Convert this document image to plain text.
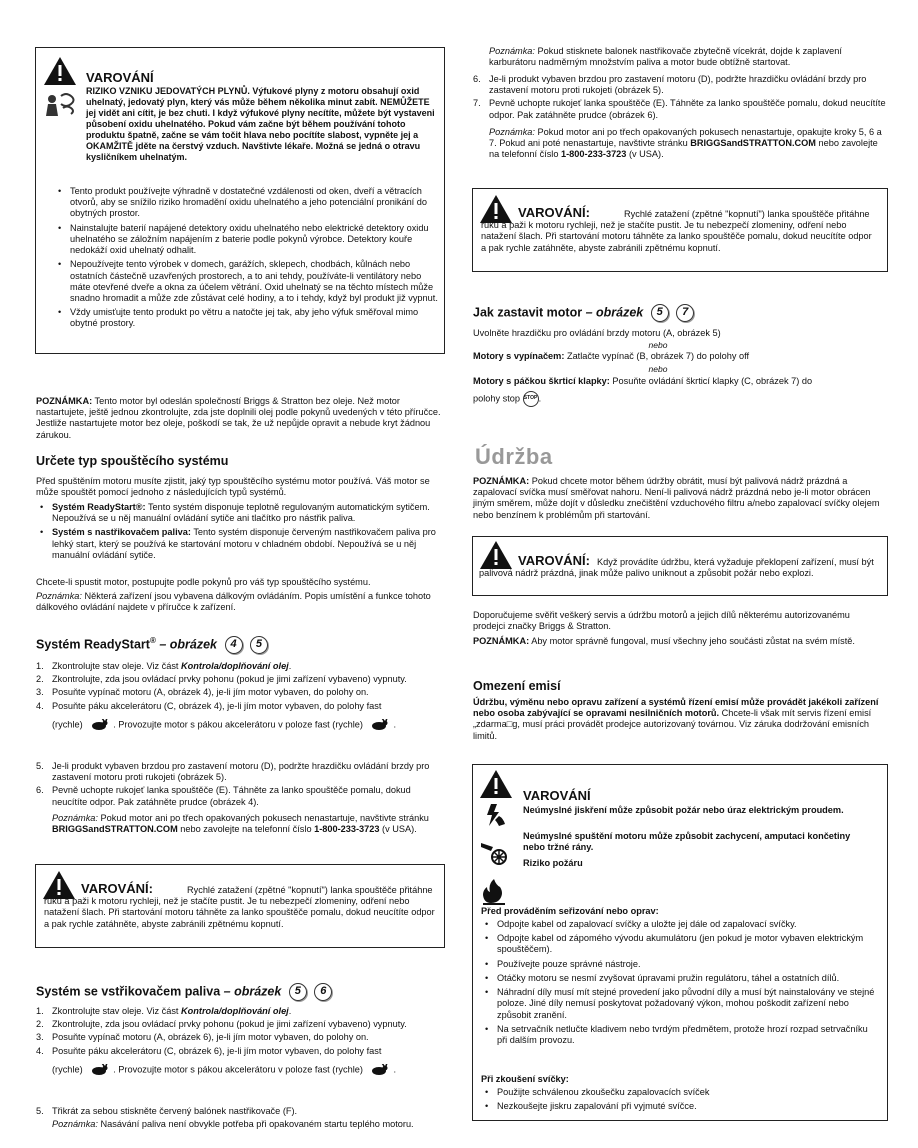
VAROVÁNÍ
RIZIKO VZNIKU JEDOVATÝCH PLYNŮ. Výfukové plyny z motoru obsahují oxid uhelnatý, jedovatý plyn, který vás může během několika minut zabít. NEMŮŽETE jej vidět ani cítit, je bez chuti. I když výfukové plyny necítíte, můžete být vystaveni působení oxidu uhelnatého. Pokud vám začne být během používání tohoto produktu špatně, začne se vám točit hlava nebo pocítíte slabost, vypněte jej a OKAMŽITĚ jděte na čerstvý vzduch. Navštivte lékaře. Možná se jedná o otravu kysličníkem uhelnatým.
• Tento produkt používejte výhradně v dostatečné vzdálenosti od oken, dveří a větracích otvorů, aby se snížilo riziko hromadění oxidu uhelnatého a jeho potenciální pronikání do obytných prostor.
• Nainstalujte baterií napájené detektory oxidu uhelnatého nebo elektrické detektory oxidu uhelnatého se záložním napájením z baterie podle pokynů výrobce. Detektory kouře nedokáží oxid uhelnatý odhalit.
• Nepoužívejte tento výrobek v domech, garážích, sklepech, chodbách, kůlnách nebo ostatních částečně uzavřených prostorech, a to ani tehdy, používáte-li ventilátory nebo máte otevřené dveře a okna za účelem větrání. Oxid uhelnatý se na těchto místech může snadno hromadit a může zde zůstávat celé hodiny, a to i tehdy, když byl produkt již vypnut.
• Vždy umisťujte tento produkt po větru a natočte jej tak, aby jeho výfuk směřoval mimo obytné prostory.
POZNÁMKA: Tento motor byl odeslán společností Briggs & Stratton bez oleje. Než motor nastartujete, ještě jednou zkontrolujte, zda jste doplnili olej podle pokynů uvedených v této příručce. Jestliže nastartujete motor bez oleje, poškodí se tak, že už nepůjde opravit a nebude kryt žádnou zárukou.
Určete typ spouštěcího systému
Před spuštěním motoru musíte zjistit, jaký typ spouštěcího systému motor používá. Váš motor se může spouštět pomocí jednoho z následujících typů systémů.
• Systém ReadyStart®: Tento systém disponuje teplotně regulovaným automatickým sytičem. Nepoužívá se u něj manuální ovládání sytiče ani tlačítko pro nástřik paliva.
• Systém s nastřikovačem paliva: Tento systém disponuje červeným nastřikovačem paliva pro lehký start, který se používá ke startování motoru v chladném období. Nepoužívá se u něj manuální ovládání sytiče.
Chcete-li spustit motor, postupujte podle pokynů pro váš typ spouštěcího systému.
Poznámka: Některá zařízení jsou vybavena dálkovým ovládáním. Popis umístění a funkce tohoto dálkového ovládání najdete v příručce k zařízení.
Systém ReadyStart® – obrázek 4 5
1. Zkontrolujte stav oleje. Viz část Kontrola/doplňování olej.
2. Zkontrolujte, zda jsou ovládací prvky pohonu (pokud je jimi zařízení vybaveno) vypnuty.
3. Posuňte vypínač motoru (A, obrázek 4), je-li jím motor vybaven, do polohy on.
4. Posuňte páku akcelerátoru (C, obrázek 4), je-li jím motor vybaven, do polohy fast
(rychle)	. Provozujte motor s pákou akcelerátoru v poloze fast (rychle)	.
5. Je-li produkt vybaven brzdou pro zastavení motoru (D), podržte hrazdičku ovládání brzdy pro zastavení motoru proti rukojeti (obrázek 5).
6. Pevně uchopte rukojeť lanka spouštěče (E). Táhněte za lanko spouštěče pomalu, dokud neucítíte odpor. Pak zatáhněte prudce (obrázek 4).
Poznámka: Pokud motor ani po třech opakovaných pokusech nenastartuje, navštivte stránku BRIGGSandSTRATTON.COM nebo zavolejte na telefonní číslo 1-800-233-3723 (v USA).
VAROVÁNÍ:	Rychlé zatažení (zpětné "kopnutí") lanka spouštěče přitáhne ruku a paži k motoru rychleji, než je stačíte pustit. Je tu nebezpečí zlomeniny, odření nebo natažení šlach. Při startování motoru táhněte za lanko spouštěče pomalu, dokud neucítíte odpor a pak rychle zatáhněte, abyste zabránili zpětnému kopnutí.
Systém se vstřikovačem paliva – obrázek 5 6
1. Zkontrolujte stav oleje. Viz část Kontrola/doplňování olej.
2. Zkontrolujte, zda jsou ovládací prvky pohonu (pokud je jimi zařízení vybaveno) vypnuty.
3. Posuňte vypínač motoru (A, obrázek 6), je-li jím motor vybaven, do polohy on.
4. Posuňte páku akcelerátoru (C, obrázek 6), je-li jím motor vybaven, do polohy fast
(rychle)	. Provozujte motor s pákou akcelerátoru v poloze fast (rychle)	.
5. Třikrát za sebou stiskněte červený balónek nastřikovače (F).
Poznámka: Nasávání paliva není obvykle potřeba při opakovaném startu teplého motoru.
Poznámka: Pokud stisknete balonek nastřikovače zbytečně vícekrát, dojde k zaplavení karburátoru nadměrným množstvím paliva a motor bude obtížně startovat.
6. Je-li produkt vybaven brzdou pro zastavení motoru (D), podržte hrazdičku ovládání brzdy pro zastavení motoru proti rukojeti (obrázek 5).
7. Pevně uchopte rukojeť lanka spouštěče (E). Táhněte za lanko spouštěče pomalu, dokud neucítíte odpor. Pak zatáhněte prudce (obrázek 6).
Poznámka: Pokud motor ani po třech opakovaných pokusech nenastartuje, opakujte kroky 5, 6 a 7. Pokud ani poté nenastartuje, navštivte stránku BRIGGSandSTRATTON.COM nebo zavolejte na telefonní číslo 1-800-233-3723 (v USA).
VAROVÁNÍ:	Rychlé zatažení (zpětné "kopnutí") lanka spouštěče přitáhne ruku a paži k motoru rychleji, než je stačíte pustit. Je tu nebezpečí zlomeniny, odření nebo natažení šlach. Při startování motoru táhněte za lanko spouštěče pomalu, dokud neucítíte odpor a pak rychle zatáhněte, abyste zabránili zpětnému kopnutí.
Jak zastavit motor – obrázek 5 7
Uvolněte hrazdičku pro ovládání brzdy motoru (A, obrázek 5)
nebo
Motory s vypínačem: Zatlačte vypínač (B, obrázek 7) do polohy off
nebo
Motory s páčkou škrticí klapky: Posuňte ovládání škrticí klapky (C, obrázek 7) do
polohy stop STOP.
Údržba
POZNÁMKA: Pokud chcete motor během údržby obrátit, musí být palivová nádrž prázdná a zapalovací svíčka musí směřovat nahoru. Není-li palivová nádrž prázdná nebo je-li motor obrácen jiným směrem, může dojít v důsledku znečištění vzduchového filtru a/nebo zapalovací svíčky olejem nebo benzínem k problémům při startování.
VAROVÁNÍ: Když provádíte údržbu, která vyžaduje překlopení zařízení, musí být palivová nádrž prázdná, jinak může palivo uniknout a způsobit požár nebo explozi.
Doporučujeme svěřit veškerý servis a údržbu motorů a jejich dílů některému autorizovanému prodejci značky Briggs & Stratton.
POZNÁMKA: Aby motor správně fungoval, musí všechny jeho součásti zůstat na svém místě.
Omezení emisí
Údržbu, výměnu nebo opravu zařízení a systémů řízení emisí může provádět jakékoli zařízení nebo osoba zabývající se opravami nesilničních motorů. Chcete-li však mít servis řízení emisí „zdarma□g, musí práci provádět prodejce autorizovaný továrnou. Viz záruka dodržování emisních limitů.
VAROVÁNÍ
Neúmyslné jiskření může způsobit požár nebo úraz elektrickým proudem.
Neúmyslné spuštění motoru může způsobit zachycení, amputaci končetiny nebo tržné rány.
Riziko požáru
Před prováděním seřizování nebo oprav:
• Odpojte kabel od zapalovací svíčky a uložte jej dále od zapalovací svíčky.
• Odpojte kabel od zápomého vývodu akumulátoru (jen pokud je motor vybaven elektrickým spouštěčem).
• Používejte pouze správné nástroje.
• Otáčky motoru se nesmí zvyšovat úpravami pružin regulátoru, táhel a ostatních dílů.
• Náhradní díly musí mít stejné provedení jako původní díly a musí být nainstalovány ve stejné poloze. Jiné díly nemusí poskytovat požadovaný výkon, mohou poškodit zařízení nebo způsobit zranění.
• Na setrvačník netlučte kladivem nebo tvrdým předmětem, protože hrozí rozpad setrvačníku při dalším provozu.
Při zkoušení svíčky:
• Použijte schválenou zkoušečku zapalovacích svíček
• Nezkoušejte jiskru zapalování při vyjmuté svíčce.
